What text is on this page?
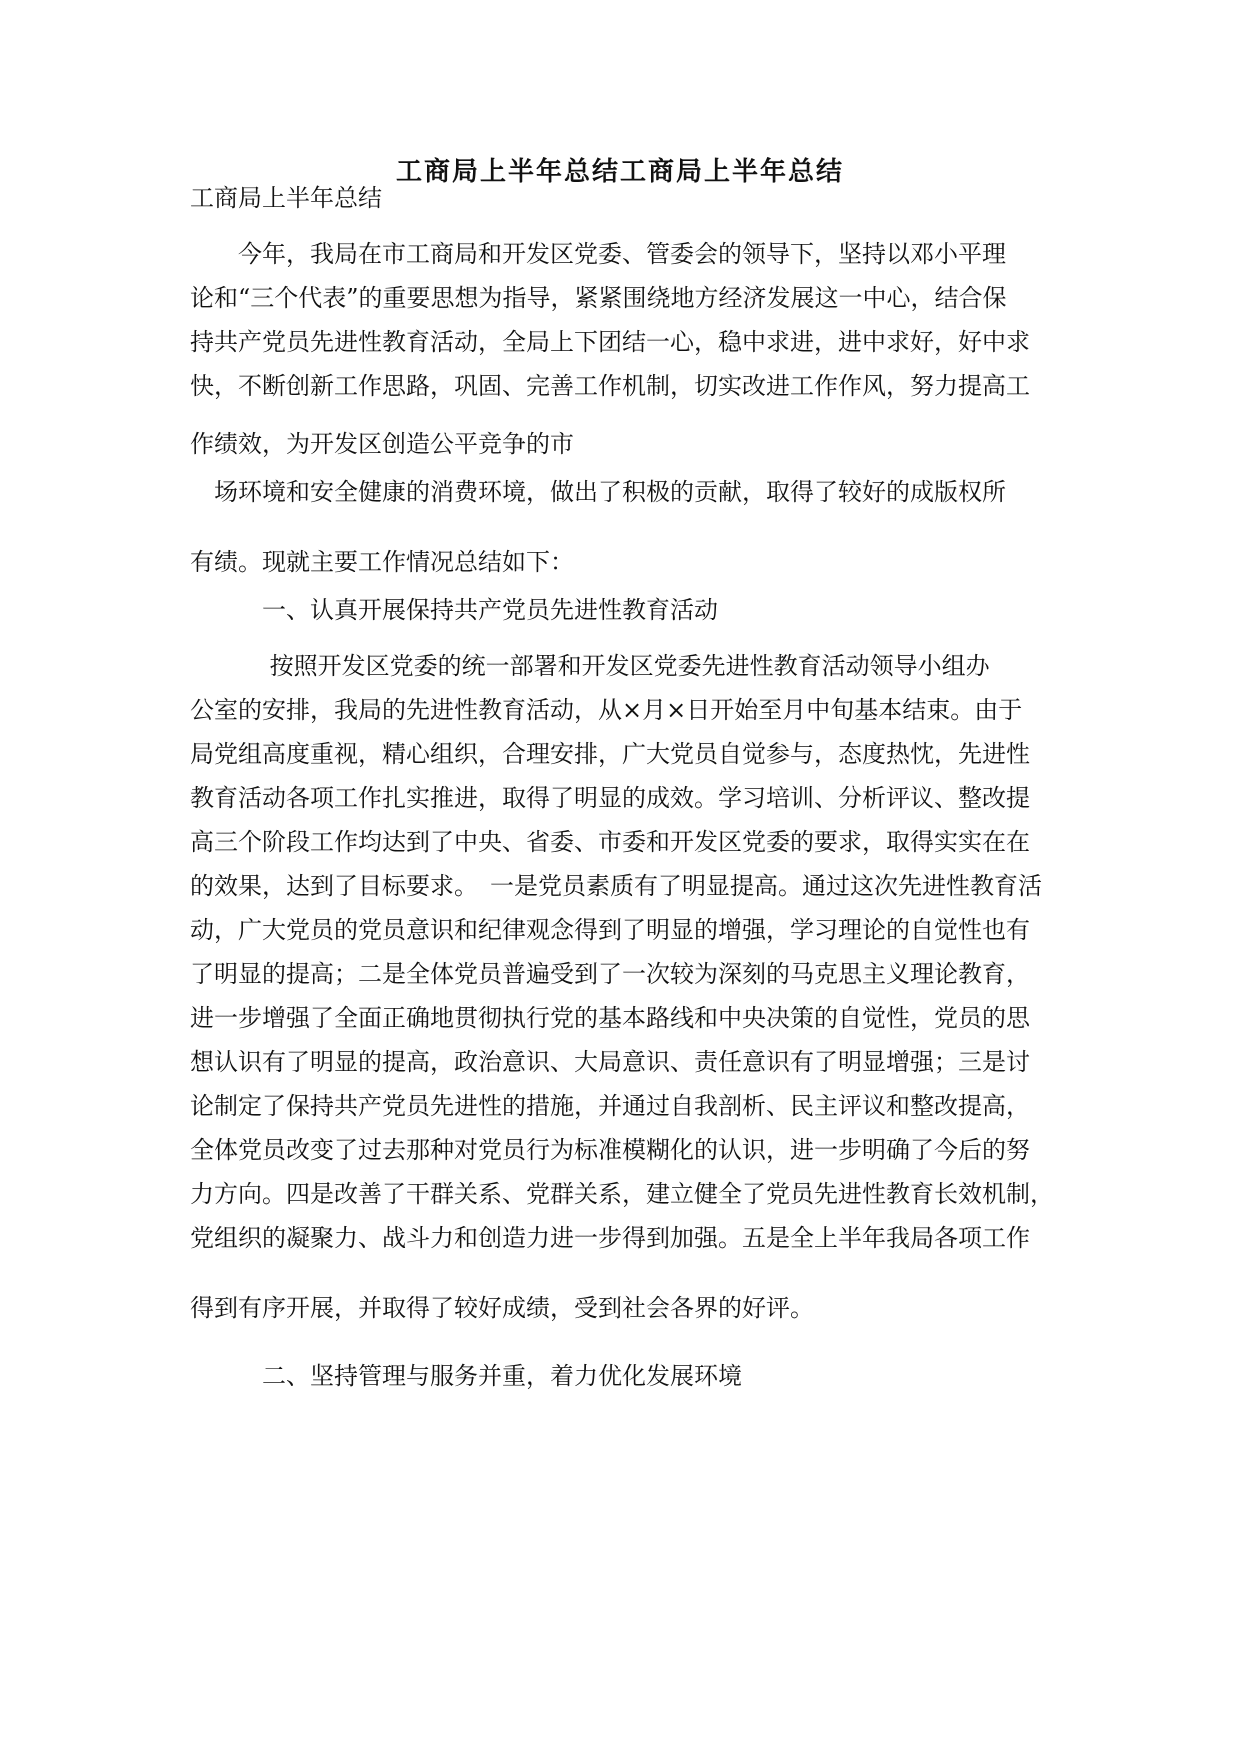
工商局上半年总结工商局上半年总结

工商局上半年总结

　　今年，我局在市工商局和开发区党委、管委会的领导下，坚持以邓小平理

论和“三个代表”的重要思想为指导，紧紧围绕地方经济发展这一中心，结合保

持共产党员先进性教育活动，全局上下团结一心，稳中求进，进中求好，好中求

快，不断创新工作思路，巩固、完善工作机制，切实改进工作作风，努力提高工

作绩效，为开发区创造公平竞争的市

　场环境和安全健康的消费环境，做出了积极的贡献，取得了较好的成版权所

有绩。现就主要工作情况总结如下：

　　　一、认真开展保持共产党员先进性教育活动

　　　 按照开发区党委的统一部署和开发区党委先进性教育活动领导小组办

公室的安排，我局的先进性教育活动，从×月×日开始至月中旬基本结束。由于

局党组高度重视，精心组织，合理安排，广大党员自觉参与，态度热忱，先进性

教育活动各项工作扎实推进，取得了明显的成效。学习培训、分析评议、整改提

高三个阶段工作均达到了中央、省委、市委和开发区党委的要求，取得实实在在

的效果，达到了目标要求。　一是党员素质有了明显提高。通过这次先进性教育活

动，广大党员的党员意识和纪律观念得到了明显的增强，学习理论的自觉性也有

了明显的提高；二是全体党员普遍受到了一次较为深刻的马克思主义理论教育，

进一步增强了全面正确地贯彻执行党的基本路线和中央决策的自觉性，党员的思

想认识有了明显的提高，政治意识、大局意识、责任意识有了明显增强；三是讨

论制定了保持共产党员先进性的措施，并通过自我剖析、民主评议和整改提高，

全体党员改变了过去那种对党员行为标准模糊化的认识，进一步明确了今后的努

力方向。四是改善了干群关系、党群关系，建立健全了党员先进性教育长效机制，

党组织的凝聚力、战斗力和创造力进一步得到加强。五是全上半年我局各项工作

得到有序开展，并取得了较好成绩，受到社会各界的好评。

　　　二、坚持管理与服务并重，着力优化发展环境
